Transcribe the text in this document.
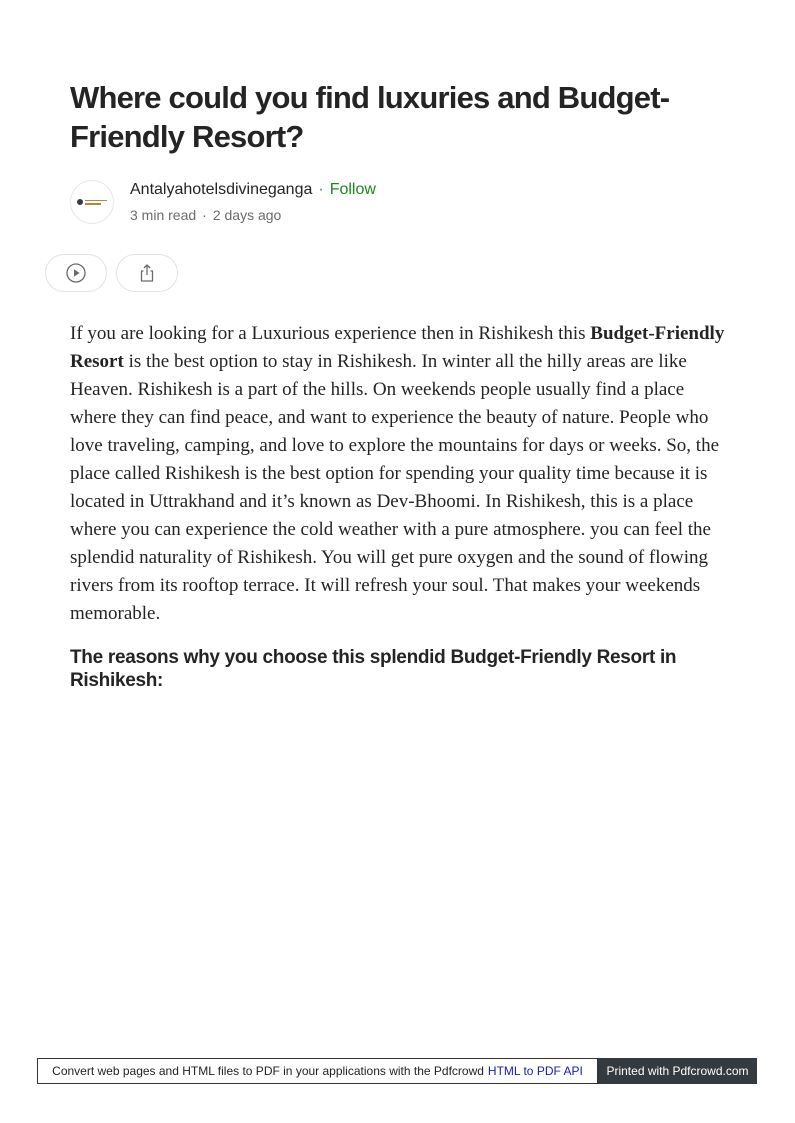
Where could you find luxuries and Budget-Friendly Resort?
Antalyahotelsdivineganga · Follow
3 min read · 2 days ago

If you are looking for a Luxurious experience then in Rishikesh this Budget-Friendly Resort is the best option to stay in Rishikesh. In winter all the hilly areas are like Heaven. Rishikesh is a part of the hills. On weekends people usually find a place where they can find peace, and want to experience the beauty of nature. People who love traveling, camping, and love to explore the mountains for days or weeks. So, the place called Rishikesh is the best option for spending your quality time because it is located in Uttrakhand and it’s known as Dev-Bhoomi. In Rishikesh, this is a place where you can experience the cold weather with a pure atmosphere. you can feel the splendid naturality of Rishikesh. You will get pure oxygen and the sound of flowing rivers from its rooftop terrace. It will refresh your soul. That makes your weekends memorable.

The reasons why you choose this splendid Budget-Friendly Resort in Rishikesh:
Convert web pages and HTML files to PDF in your applications with the Pdfcrowd HTML to PDF API	Printed with Pdfcrowd.com
